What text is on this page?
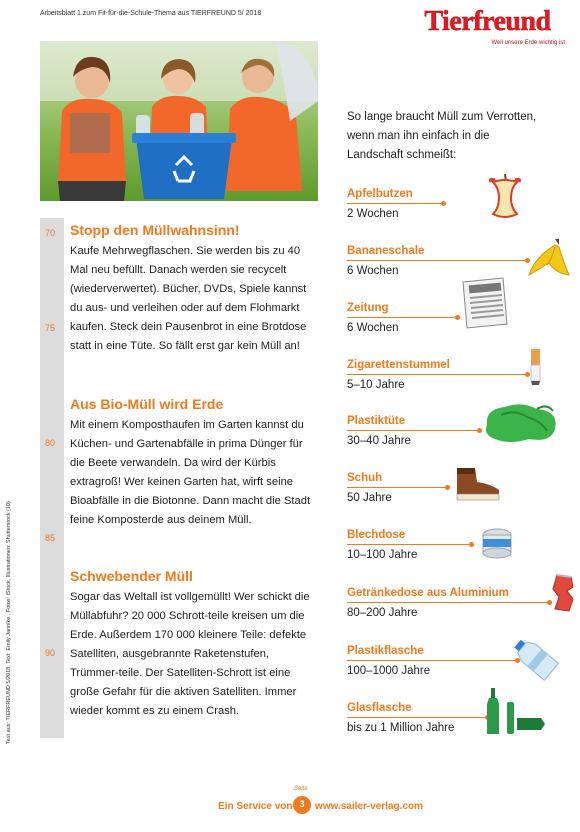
Arbeitsblatt 1 zum Fit-für-die-Schule-Thema aus TIERFREUND 5/ 2018	Tierfreund
Weil unsere Erde wichtig ist
70
75
80
85
90
Stopp den Müllwahnsinn!

Kaufe Mehrwegflaschen. Sie werden bis zu 40 Mal neu befüllt. Danach werden sie recycelt (wiederverwertet). Bücher, DVDs, Spiele kannst du aus- und verleihen oder auf dem Flohmarkt kaufen. Steck dein Pausenbrot in eine Brotdose statt in eine Tüte. So fällt erst gar kein Müll an!

Aus Bio-Müll wird Erde

Mit einem Komposthaufen im Garten kannst du Küchen- und Gartenabfälle in prima Dünger für die Beete verwandeln. Da wird der Kürbis extragroß! Wer keinen Garten hat, wirft seine Bioabfälle in die Biotonne. Dann macht die Stadt feine Komposterde aus deinem Müll.

Schwebender Müll

Sogar das Weltall ist vollgemüllt! Wer schickt die Müllabfuhr? 20 000 Schrott-teile kreisen um die Erde. Außerdem 170 000 kleinere Teile: defekte Satelliten, ausgebrannte Raketenstufen, Trümmer-teile. Der Satelliten-Schrott ist eine große Gefahr für die aktiven Satelliten. Immer wieder kommt es zu einem Crash.

So lange braucht Müll zum Verrotten, wenn man ihn einfach in die Landschaft schmeißt:
Apfelbutzen
2 Wochen
Bananeschale
6 Wochen
Zeitung
6 Wochen
Zigarettenstummel
5–10 Jahre
Plastiktüte
30–40 Jahre
Schuh
50 Jahre
Blechdose
10–100 Jahre
Getränkedose aus Aluminium
80–200 Jahre
Plastikflasche
100–1000 Jahre
Glasflasche
bis zu 1 Million Jahre
Text aus: TIERFREUND 5/2018, Text: Emily Jannike , Fotos: iStock, Illustrationen: Shutterstock (10)
Ein Service von
Seite
3	www.sailer-verlag.com
